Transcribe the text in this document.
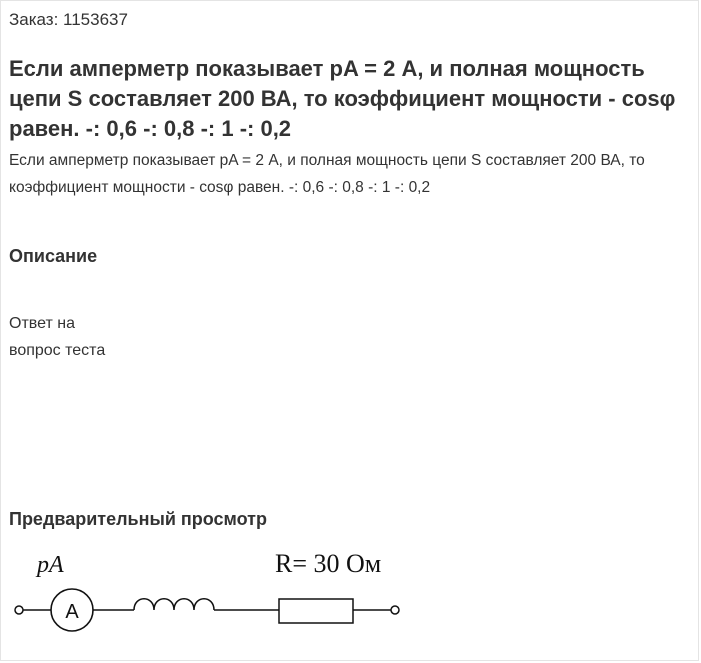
Заказ: 1153637
Если амперметр показывает pA = 2 А, и полная мощность цепи S составляет 200 ВА, то коэффициент мощности - cosφ равен. -: 0,6 -: 0,8 -: 1 -: 0,2
Если амперметр показывает pA = 2 А, и полная мощность цепи S составляет 200 ВА, то коэффициент мощности - cosφ равен. -: 0,6 -: 0,8 -: 1 -: 0,2
Описание
Ответ на
вопрос теста
Предварительный просмотр
pA	R= 30 Ом
A
